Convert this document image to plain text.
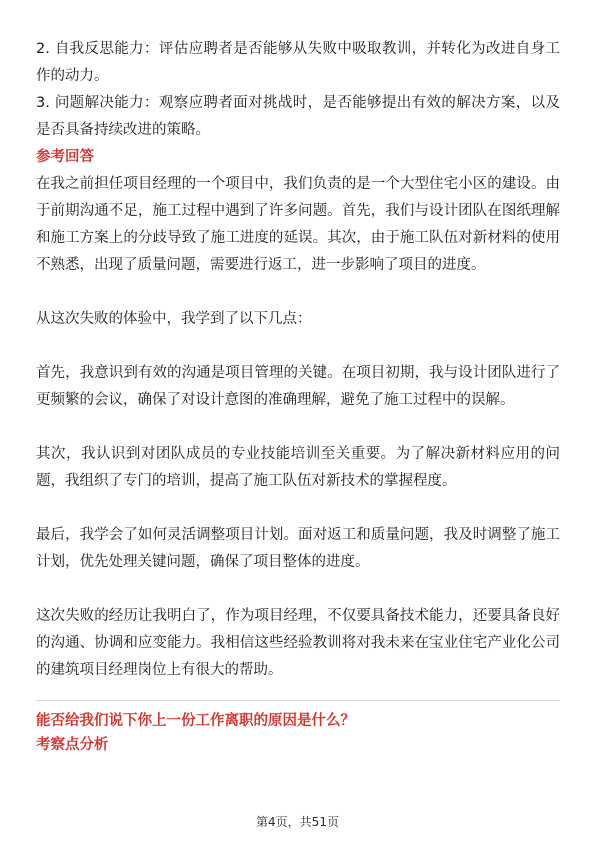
2. 自我反思能力：评估应聘者是否能够从失败中吸取教训，并转化为改进自身工作的动力。

3. 问题解决能力：观察应聘者面对挑战时，是否能够提出有效的解决方案，以及是否具备持续改进的策略。

参考回答

在我之前担任项目经理的一个项目中，我们负责的是一个大型住宅小区的建设。由于前期沟通不足，施工过程中遇到了许多问题。首先，我们与设计团队在图纸理解和施工方案上的分歧导致了施工进度的延误。其次，由于施工队伍对新材料的使用不熟悉，出现了质量问题，需要进行返工，进一步影响了项目的进度。

从这次失败的体验中，我学到了以下几点：

首先，我意识到有效的沟通是项目管理的关键。在项目初期，我与设计团队进行了更频繁的会议，确保了对设计意图的准确理解，避免了施工过程中的误解。

其次，我认识到对团队成员的专业技能培训至关重要。为了解决新材料应用的问题，我组织了专门的培训，提高了施工队伍对新技术的掌握程度。

最后，我学会了如何灵活调整项目计划。面对返工和质量问题，我及时调整了施工计划，优先处理关键问题，确保了项目整体的进度。

这次失败的经历让我明白了，作为项目经理，不仅要具备技术能力，还要具备良好的沟通、协调和应变能力。我相信这些经验教训将对我未来在宝业住宅产业化公司的建筑项目经理岗位上有很大的帮助。

能否给我们说下你上一份工作离职的原因是什么？

考察点分析

第4页，共51页
